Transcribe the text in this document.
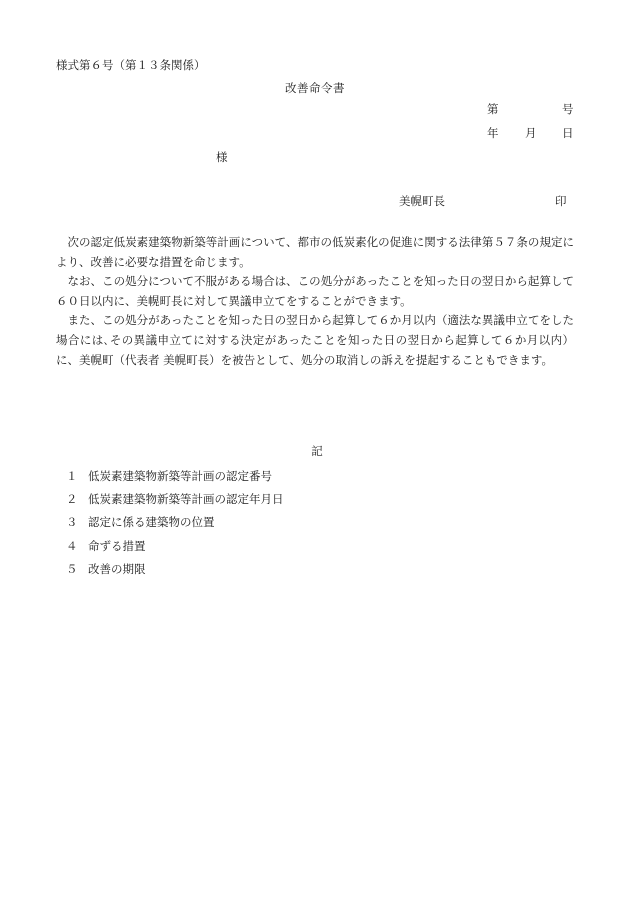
様式第６号（第１３条関係）
改善命令書
第	号
年 月 日
様
美幌町長	印

次の認定低炭素建築物新築等計画について、都市の低炭素化の促進に関する法律第５７条の規定により、改善に必要な措置を命じます。

なお、この処分について不服がある場合は、この処分があったことを知った日の翌日から起算して６０日以内に、美幌町長に対して異議申立てをすることができます。

また、この処分があったことを知った日の翌日から起算して６か月以内（適法な異議申立てをした場合には､その異議申立てに対する決定があったことを知った日の翌日から起算して６か月以内）に、美幌町（代表者 美幌町長）を被告として、処分の取消しの訴えを提起することもできます。

記
１ 低炭素建築物新築等計画の認定番号
２ 低炭素建築物新築等計画の認定年月日
３ 認定に係る建築物の位置
４ 命ずる措置
５ 改善の期限
